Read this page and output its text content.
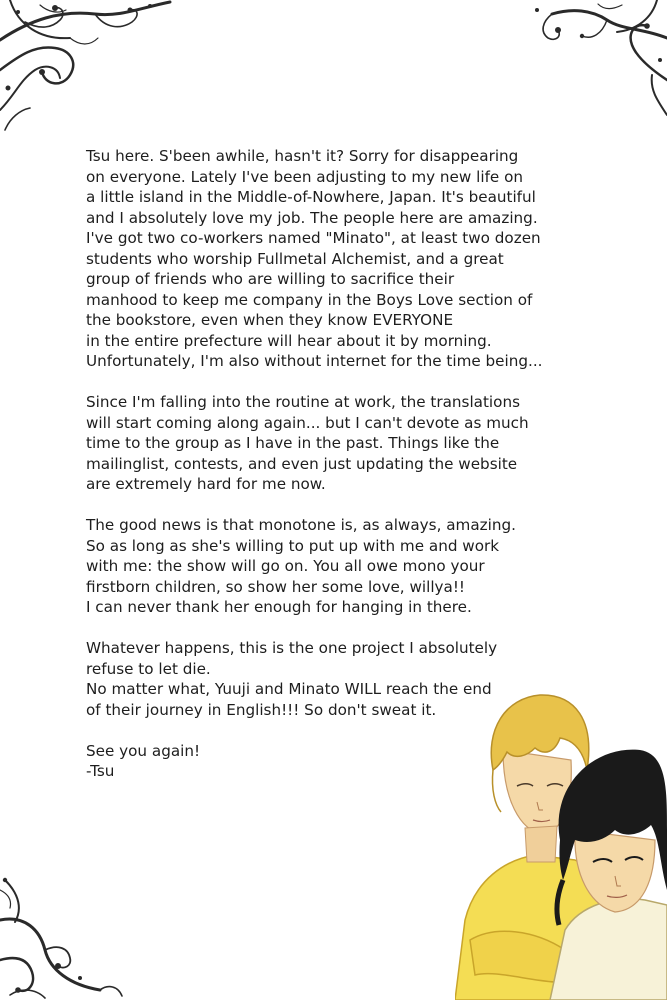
Tsu here. S'been awhile, hasn't it? Sorry for disappearing
on everyone. Lately I've been adjusting to my new life on
a little island in the Middle-of-Nowhere, Japan. It's beautiful
and I absolutely love my job. The people here are amazing.
I've got two co-workers named "Minato", at least two dozen
students who worship Fullmetal Alchemist, and a great
group of friends who are willing to sacrifice their
manhood to keep me company in the Boys Love section of
the bookstore, even when they know EVERYONE
in the entire prefecture will hear about it by morning.
Unfortunately, I'm also without internet for the time being...

Since I'm falling into the routine at work, the translations
will start coming along again... but I can't devote as much
time to the group as I have in the past. Things like the
mailinglist, contests, and even just updating the website
are extremely hard for me now.

The good news is that monotone is, as always, amazing.
So as long as she's willing to put up with me and work
with me: the show will go on. You all owe mono your
firstborn children, so show her some love, willya!!
I can never thank her enough for hanging in there.

Whatever happens, this is the one project I absolutely
refuse to let die.
No matter what, Yuuji and Minato WILL reach the end
of their journey in English!!! So don't sweat it.

See you again!
-Tsu
